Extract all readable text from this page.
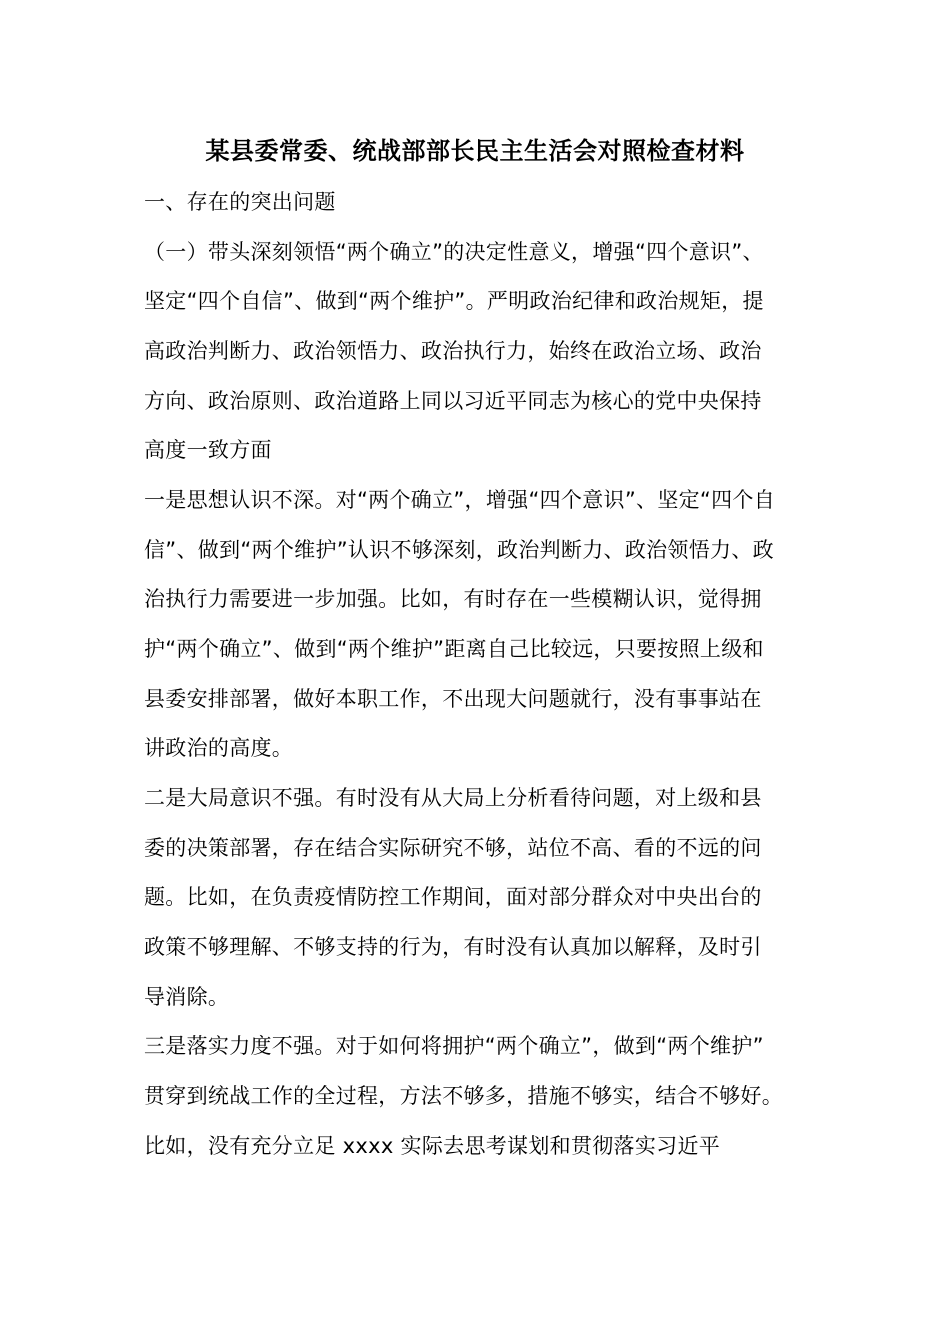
某县委常委、统战部部长民主生活会对照检查材料
一、存在的突出问题
（一）带头深刻领悟“两个确立”的决定性意义，增强“四个意识”、
坚定“四个自信”、做到“两个维护”。严明政治纪律和政治规矩，提
高政治判断力、政治领悟力、政治执行力，始终在政治立场、政治
方向、政治原则、政治道路上同以习近平同志为核心的党中央保持
高度一致方面
一是思想认识不深。对“两个确立”，增强“四个意识”、坚定“四个自
信”、做到“两个维护”认识不够深刻，政治判断力、政治领悟力、政
治执行力需要进一步加强。比如，有时存在一些模糊认识，觉得拥
护“两个确立”、做到“两个维护”距离自己比较远，只要按照上级和
县委安排部署，做好本职工作，不出现大问题就行，没有事事站在
讲政治的高度。
二是大局意识不强。有时没有从大局上分析看待问题，对上级和县
委的决策部署，存在结合实际研究不够，站位不高、看的不远的问
题。比如，在负责疫情防控工作期间，面对部分群众对中央出台的
政策不够理解、不够支持的行为，有时没有认真加以解释，及时引
导消除。
三是落实力度不强。对于如何将拥护“两个确立”，做到“两个维护”
贯穿到统战工作的全过程，方法不够多，措施不够实，结合不够好。
比如，没有充分立足 xxxx 实际去思考谋划和贯彻落实习近平
